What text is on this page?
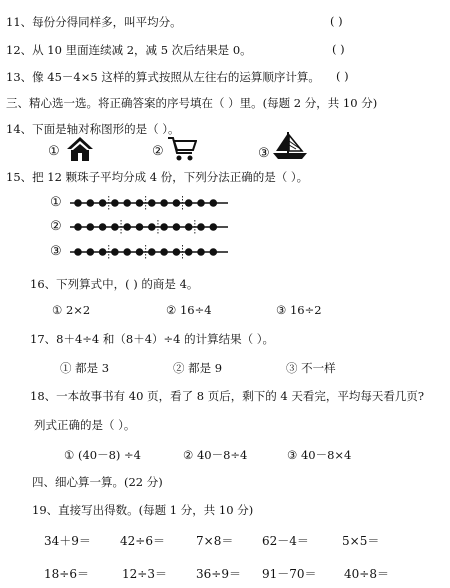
11、每份分得同样多，叫平均分。	( )
12、从 10 里面连续减 2，减 5 次后结果是 0。	( )
13、像 45－4×5 这样的算式按照从左往右的运算顺序计算。 ( )
三、精心选一选。将正确答案的序号填在（ ）里。(每题 2 分，共 10 分)
14、下面是轴对称图形的是（ ）。
①	②	③
15、把 12 颗珠子平均分成 4 份，下列分法正确的是（ ）。
①
②
③
16、下列算式中，( ) 的商是 4。
① 2×2	② 16÷4	③ 16÷2
17、8＋4÷4 和（8＋4）÷4 的计算结果（ ）。
① 都是 3	② 都是 9	③ 不一样
18、一本故事书有 40 页，看了 8 页后，剩下的 4 天看完，平均每天看几页?
列式正确的是（ ）。
① (40－8) ÷4	② 40－8÷4	③ 40－8×4
四、细心算一算。(22 分)
19、直接写出得数。(每题 1 分，共 10 分)
34＋9＝ 42÷6＝	7×8＝ 62－4＝	5×5＝
18÷6＝	12÷3＝ 36÷9＝ 91－70＝ 40÷8＝
